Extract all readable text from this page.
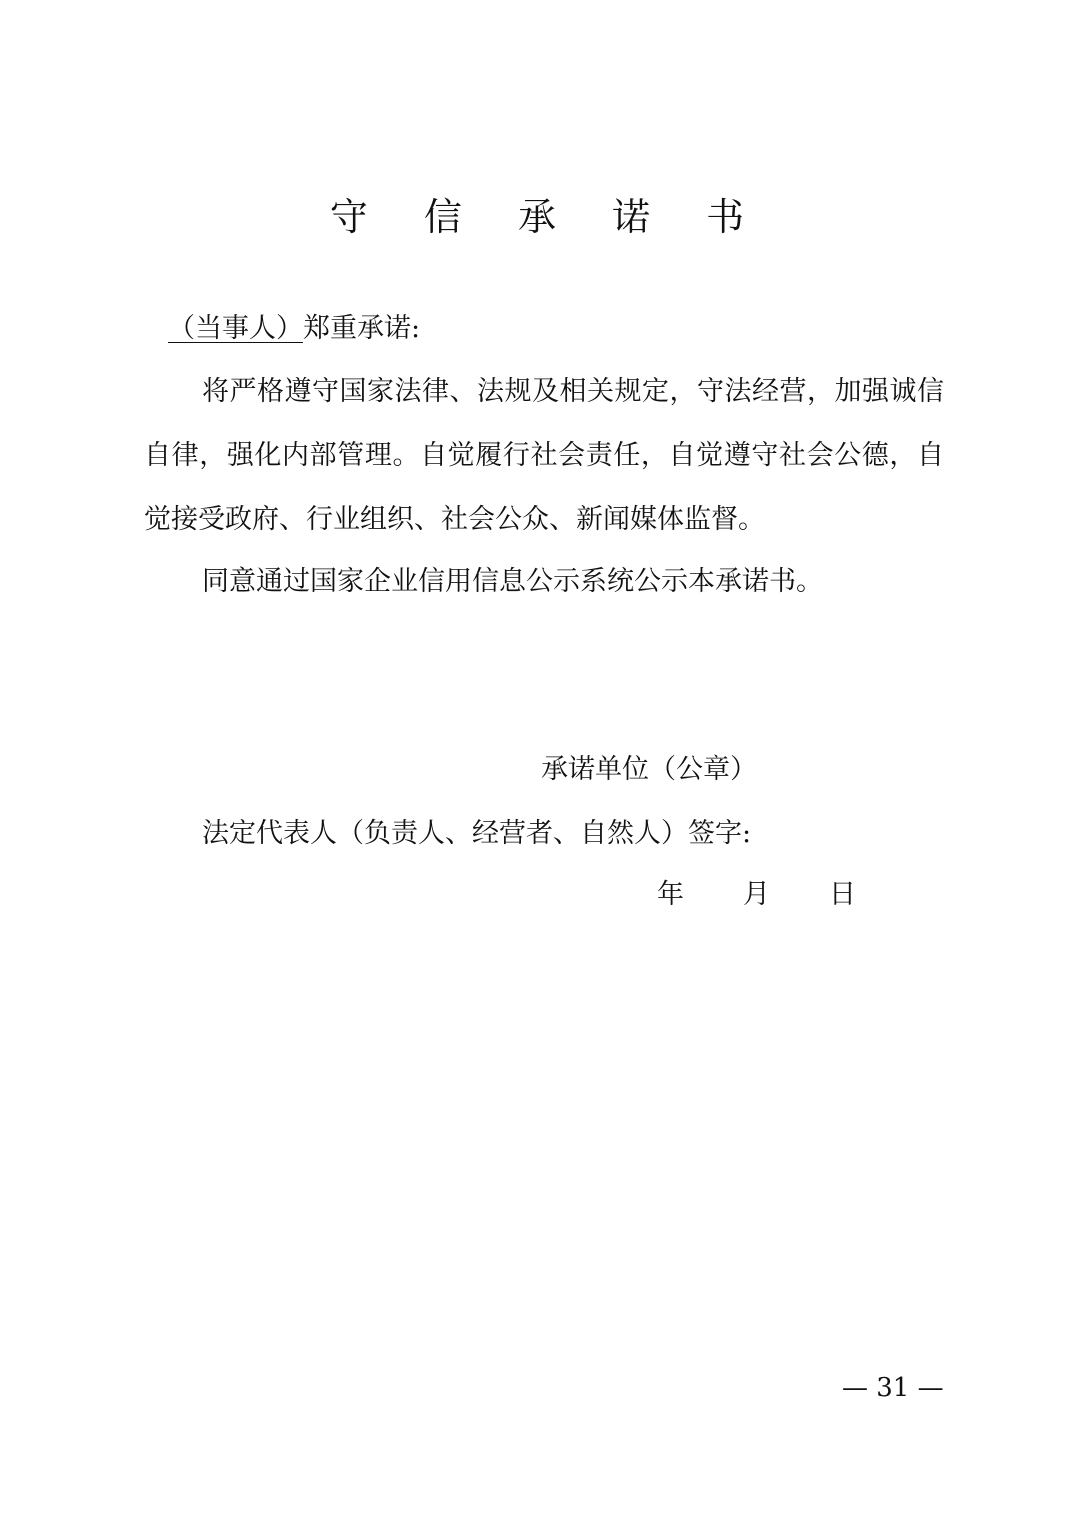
守 信 承 诺 书
（当事人）郑重承诺:
将严格遵守国家法律、法规及相关规定，守法经营，加强诚信自律，强化内部管理。自觉履行社会责任，自觉遵守社会公德，自觉接受政府、行业组织、社会公众、新闻媒体监督。
同意通过国家企业信用信息公示系统公示本承诺书。
承诺单位（公章）
法定代表人（负责人、经营者、自然人）签字:
年 月 日
— 31 —
